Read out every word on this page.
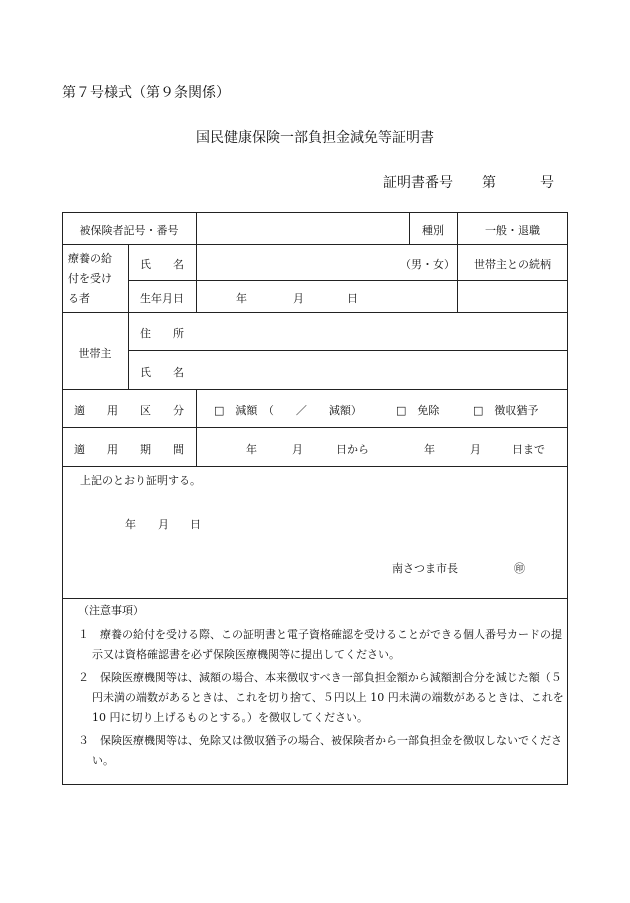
第７号様式（第９条関係）
国民健康保険一部負担金減免等証明書
証明書番号 第	号
被保険者記号・番号	種別	一般・退職
療養の給
付を受け
る者
氏　　名	（男・女）	世帯主との続柄
生年月日	年	月	日
世帯主
住　　所
氏　　名
適　　用　　区　　分	□　減額　（　　／　　減額）	□　免除	□　徴収猶予
適　　用　　期　　間	年	月	日から	年	月	日まで
上記のとおり証明する。
年 月 日
南さつま市長	㊞

（注意事項）

１　療養の給付を受ける際、この証明書と電子資格確認を受けることができる個人番号カードの提

示又は資格確認書を必ず保険医療機関等に提出してください。

２　保険医療機関等は、減額の場合、本来徴収すべき一部負担金額から減額割合分を減じた額（５

円未満の端数があるときは、これを切り捨て、５円以上 10 円未満の端数があるときは、これを

10 円に切り上げるものとする。）を徴収してください。

３　保険医療機関等は、免除又は徴収猶予の場合、被保険者から一部負担金を徴収しないでくださ

い。
